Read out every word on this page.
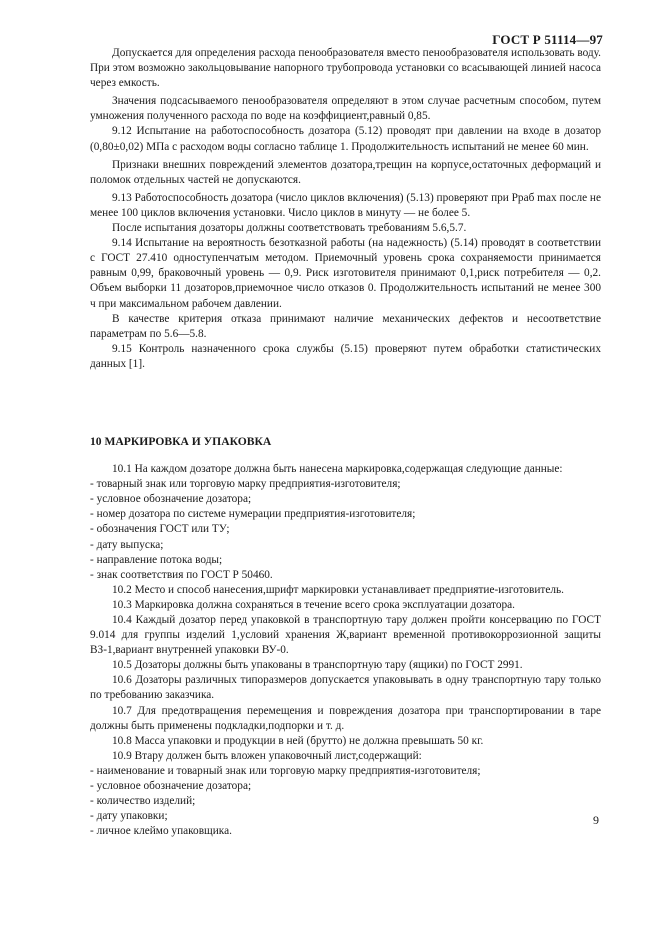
ГОСТ Р 51114—97

Допускается для определения расхода пенообразователя вместо пенообразователя использовать воду. При этом возможно закольцовывание напорного трубопровода установки со всасывающей линией насоса через емкость.

Значения подсасываемого пенообразователя определяют в этом случае расчетным способом, путем умножения полученного расхода по воде на коэффициент,равный 0,85.

9.12 Испытание на работоспособность дозатора (5.12) проводят при давлении на входе в дозатор (0,80±0,02) МПа с расходом воды согласно таблице 1. Продолжительность испытаний не менее 60 мин.

Признаки внешних повреждений элементов дозатора,трещин на корпусе,остаточных деформаций и поломок отдельных частей не допускаются.

9.13 Работоспособность дозатора (число циклов включения) (5.13) проверяют при Pраб max после не менее 100 циклов включения установки. Число циклов в минуту — не более 5.

После испытания дозаторы должны соответствовать требованиям 5.6,5.7.

9.14 Испытание на вероятность безотказной работы (на надежность) (5.14) проводят в соответствии с ГОСТ 27.410 одноступенчатым методом. Приемочный уровень срока сохраняемости принимается равным 0,99, браковочный уровень — 0,9. Риск изготовителя принимают 0,1,риск потребителя — 0,2. Объем выборки 11 дозаторов,приемочное число отказов 0. Продолжительность испытаний не менее 300 ч при максимальном рабочем давлении.

В качестве критерия отказа принимают наличие механических дефектов и несоответствие параметрам по 5.6—5.8.

9.15 Контроль назначенного срока службы (5.15) проверяют путем обработки статистических данных [1].

10 МАРКИРОВКА И УПАКОВКА

10.1 На каждом дозаторе должна быть нанесена маркировка,содержащая следующие данные:

- товарный знак или торговую марку предприятия-изготовителя;

- условное обозначение дозатора;

- номер дозатора по системе нумерации предприятия-изготовителя;

- обозначения ГОСТ или ТУ;

- дату выпуска;

- направление потока воды;

- знак соответствия по ГОСТ Р 50460.

10.2 Место и способ нанесения,шрифт маркировки устанавливает предприятие-изготовитель.

10.3 Маркировка должна сохраняться в течение всего срока эксплуатации дозатора.

10.4 Каждый дозатор перед упаковкой в транспортную тару должен пройти консервацию по ГОСТ 9.014 для группы изделий 1,условий хранения Ж,вариант временной противокоррозионной защиты ВЗ-1,вариант внутренней упаковки ВУ-0.

10.5 Дозаторы должны быть упакованы в транспортную тару (ящики) по ГОСТ 2991.

10.6 Дозаторы различных типоразмеров допускается упаковывать в одну транспортную тару только по требованию заказчика.

10.7 Для предотвращения перемещения и повреждения дозатора при транспортировании в таре должны быть применены подкладки,подпорки и т. д.

10.8 Масса упаковки и продукции в ней (брутто) не должна превышать 50 кг.

10.9 Втару должен быть вложен упаковочный лист,содержащий:

- наименование и товарный знак или торговую марку предприятия-изготовителя;

- условное обозначение дозатора;

- количество изделий;

- дату упаковки;

- личное клеймо упаковщика.

9
